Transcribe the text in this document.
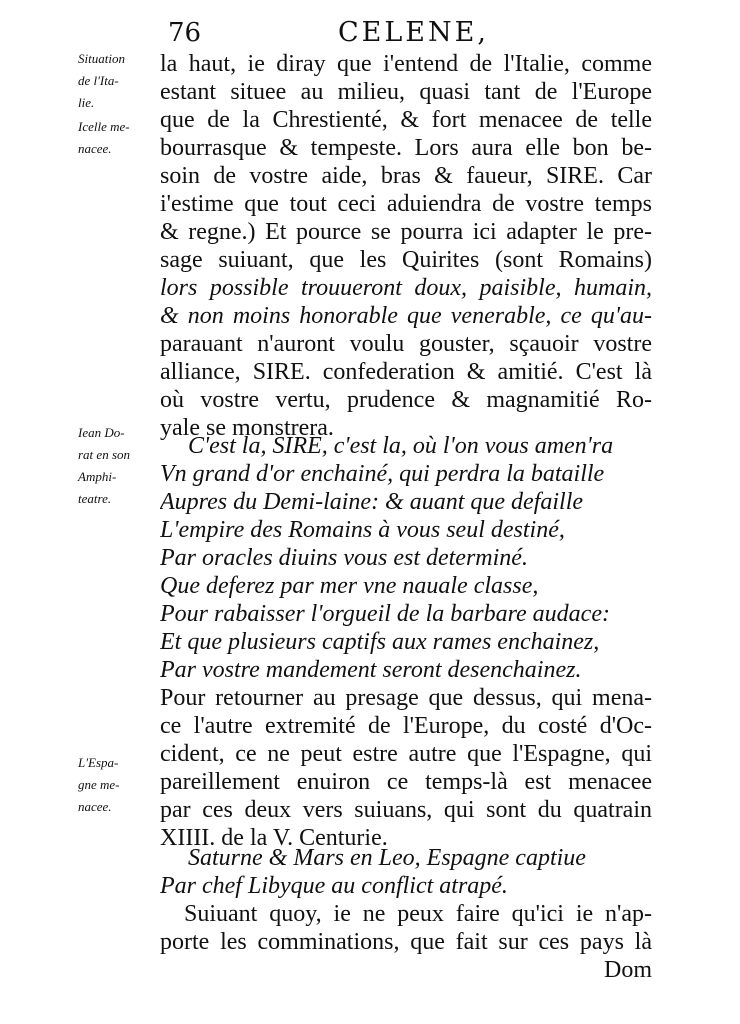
76	CELENE,
Situation
de l'Ita-
lie.
Icelle me-
nacee.
Iean Do-
rat en son
Amphi-
teatre.
L'Espa-
gne me-
nacee.
la haut, ie diray que i'entend de l'Italie, comme
estant situee au milieu, quasi tant de l'Europe
que de la Chrestienté, & fort menacee de telle
bourrasque & tempeste. Lors aura elle bon be-
soin de vostre aide, bras & faueur, SIRE. Car
i'estime que tout ceci aduiendra de vostre temps
& regne.) Et pource se pourra ici adapter le pre-
sage suiuant, que les Quirites (sont Romains)
lors possible trouueront doux, paisible, humain,
& non moins honorable que venerable, ce qu'au-
parauant n'auront voulu gouster, sçauoir vostre
alliance, SIRE. confederation & amitié. C'est là
où vostre vertu, prudence & magnamitié Ro-
yale se monstrera.
C'est la, SIRE, c'est la, où l'on vous amen'ra
Vn grand d'or enchainé, qui perdra la bataille
Aupres du Demi-laine: & auant que defaille
L'empire des Romains à vous seul destiné,
Par oracles diuins vous est determiné.
Que deferez par mer vne nauale classe,
Pour rabaisser l'orgueil de la barbare audace:
Et que plusieurs captifs aux rames enchainez,
Par vostre mandement seront desenchainez.
Pour retourner au presage que dessus, qui mena-
ce l'autre extremité de l'Europe, du costé d'Oc-
cident, ce ne peut estre autre que l'Espagne, qui
pareillement enuiron ce temps-là est menacee
par ces deux vers suiuans, qui sont du quatrain
XIIII. de la V. Centurie.
Saturne & Mars en Leo, Espagne captiue
Par chef Libyque au conflict atrapé.
Suiuant quoy, ie ne peux faire qu'ici ie n'ap-
porte les comminations, que fait sur ces pays là
Dom
